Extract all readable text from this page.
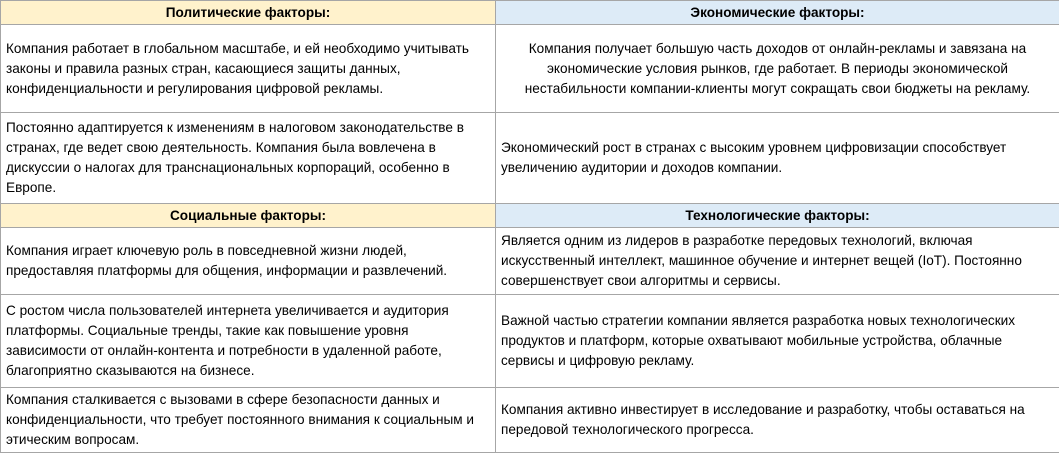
Политические факторы:	Экономические факторы:
Компания работает в глобальном масштабе, и ей необходимо учитывать законы и правила разных стран, касающиеся защиты данных, конфиденциальности и регулирования цифровой рекламы.	Компания получает большую часть доходов от онлайн-рекламы и завязана на экономические условия рынков, где работает. В периоды экономической нестабильности компании-клиенты могут сокращать свои бюджеты на рекламу.
Постоянно адаптируется к изменениям в налоговом законодательстве в странах, где ведет свою деятельность. Компания была вовлечена в дискуссии о налогах для транснациональных корпораций, особенно в Европе.	Экономический рост в странах с высоким уровнем цифровизации способствует увеличению аудитории и доходов компании.
Социальные факторы:	Технологические факторы:
Компания играет ключевую роль в повседневной жизни людей, предоставляя платформы для общения, информации и развлечений.	Является одним из лидеров в разработке передовых технологий, включая искусственный интеллект, машинное обучение и интернет вещей (IoT). Постоянно совершенствует свои алгоритмы и сервисы.
С ростом числа пользователей интернета увеличивается и аудитория платформы. Социальные тренды, такие как повышение уровня зависимости от онлайн-контента и потребности в удаленной работе, благоприятно сказываются на бизнесе.	Важной частью стратегии компании является разработка новых технологических продуктов и платформ, которые охватывают мобильные устройства, облачные сервисы и цифровую рекламу.
Компания сталкивается с вызовами в сфере безопасности данных и конфиденциальности, что требует постоянного внимания к социальным и этическим вопросам.	Компания активно инвестирует в исследование и разработку, чтобы оставаться на передовой технологического прогресса.
